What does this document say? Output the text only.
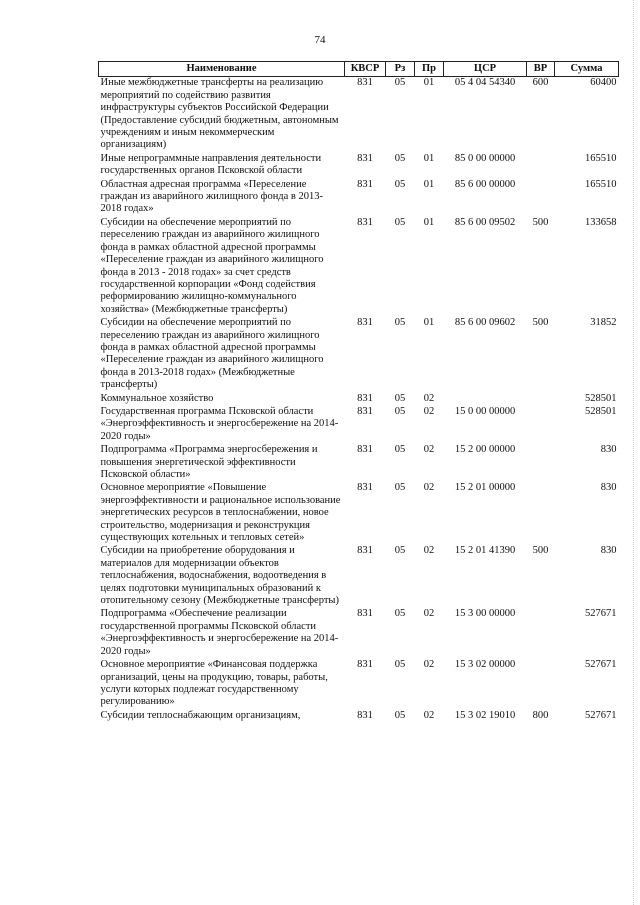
74
Наименование	КВСР	Рз	Пр	ЦСР	ВР	Сумма
Иные межбюджетные трансферты на реализацию мероприятий по содействию развития инфраструктуры субъектов Российской Федерации (Предоставление субсидий бюджетным, автономным учреждениям и иным некоммерческим организациям)	831	05	01	05 4 04 54340	600	60400
Иные непрограммные направления деятельности государственных органов Псковской области	831	05	01	85 0 00 00000		165510
Областная адресная программа «Переселение граждан из аварийного жилищного фонда в 2013-2018 годах»	831	05	01	85 6 00 00000		165510
Субсидии на обеспечение мероприятий по переселению граждан из аварийного жилищного фонда в рамках областной адресной программы «Переселение граждан из аварийного жилищного фонда в 2013 - 2018 годах» за счет средств государственной корпорации «Фонд содействия реформированию жилищно-коммунального хозяйства» (Межбюджетные трансферты)	831	05	01	85 6 00 09502	500	133658
Субсидии на обеспечение мероприятий по переселению граждан из аварийного жилищного фонда в рамках областной адресной программы «Переселение граждан из аварийного жилищного фонда в 2013-2018 годах» (Межбюджетные трансферты)	831	05	01	85 6 00 09602	500	31852
Коммунальное хозяйство	831	05	02			528501
Государственная программа Псковской области «Энергоэффективность и энергосбережение на 2014-2020 годы»	831	05	02	15 0 00 00000		528501
Подпрограмма «Программа энергосбережения и повышения энергетической эффективности Псковской области»	831	05	02	15 2 00 00000		830
Основное мероприятие «Повышение энергоэффективности и рациональное использование энергетических ресурсов в теплоснабжении, новое строительство, модернизация и реконструкция существующих котельных и тепловых сетей»	831	05	02	15 2 01 00000		830
Субсидии на приобретение оборудования и материалов для модернизации объектов теплоснабжения, водоснабжения, водоотведения в целях подготовки муниципальных образований к отопительному сезону (Межбюджетные трансферты)	831	05	02	15 2 01 41390	500	830
Подпрограмма «Обеспечение реализации государственной программы Псковской области «Энергоэффективность и энергосбережение на 2014-2020 годы»	831	05	02	15 3 00 00000		527671
Основное мероприятие «Финансовая поддержка организаций, цены на продукцию, товары, работы, услуги которых подлежат государственному регулированию»	831	05	02	15 3 02 00000		527671
Субсидии теплоснабжающим организациям,	831	05	02	15 3 02 19010	800	527671
